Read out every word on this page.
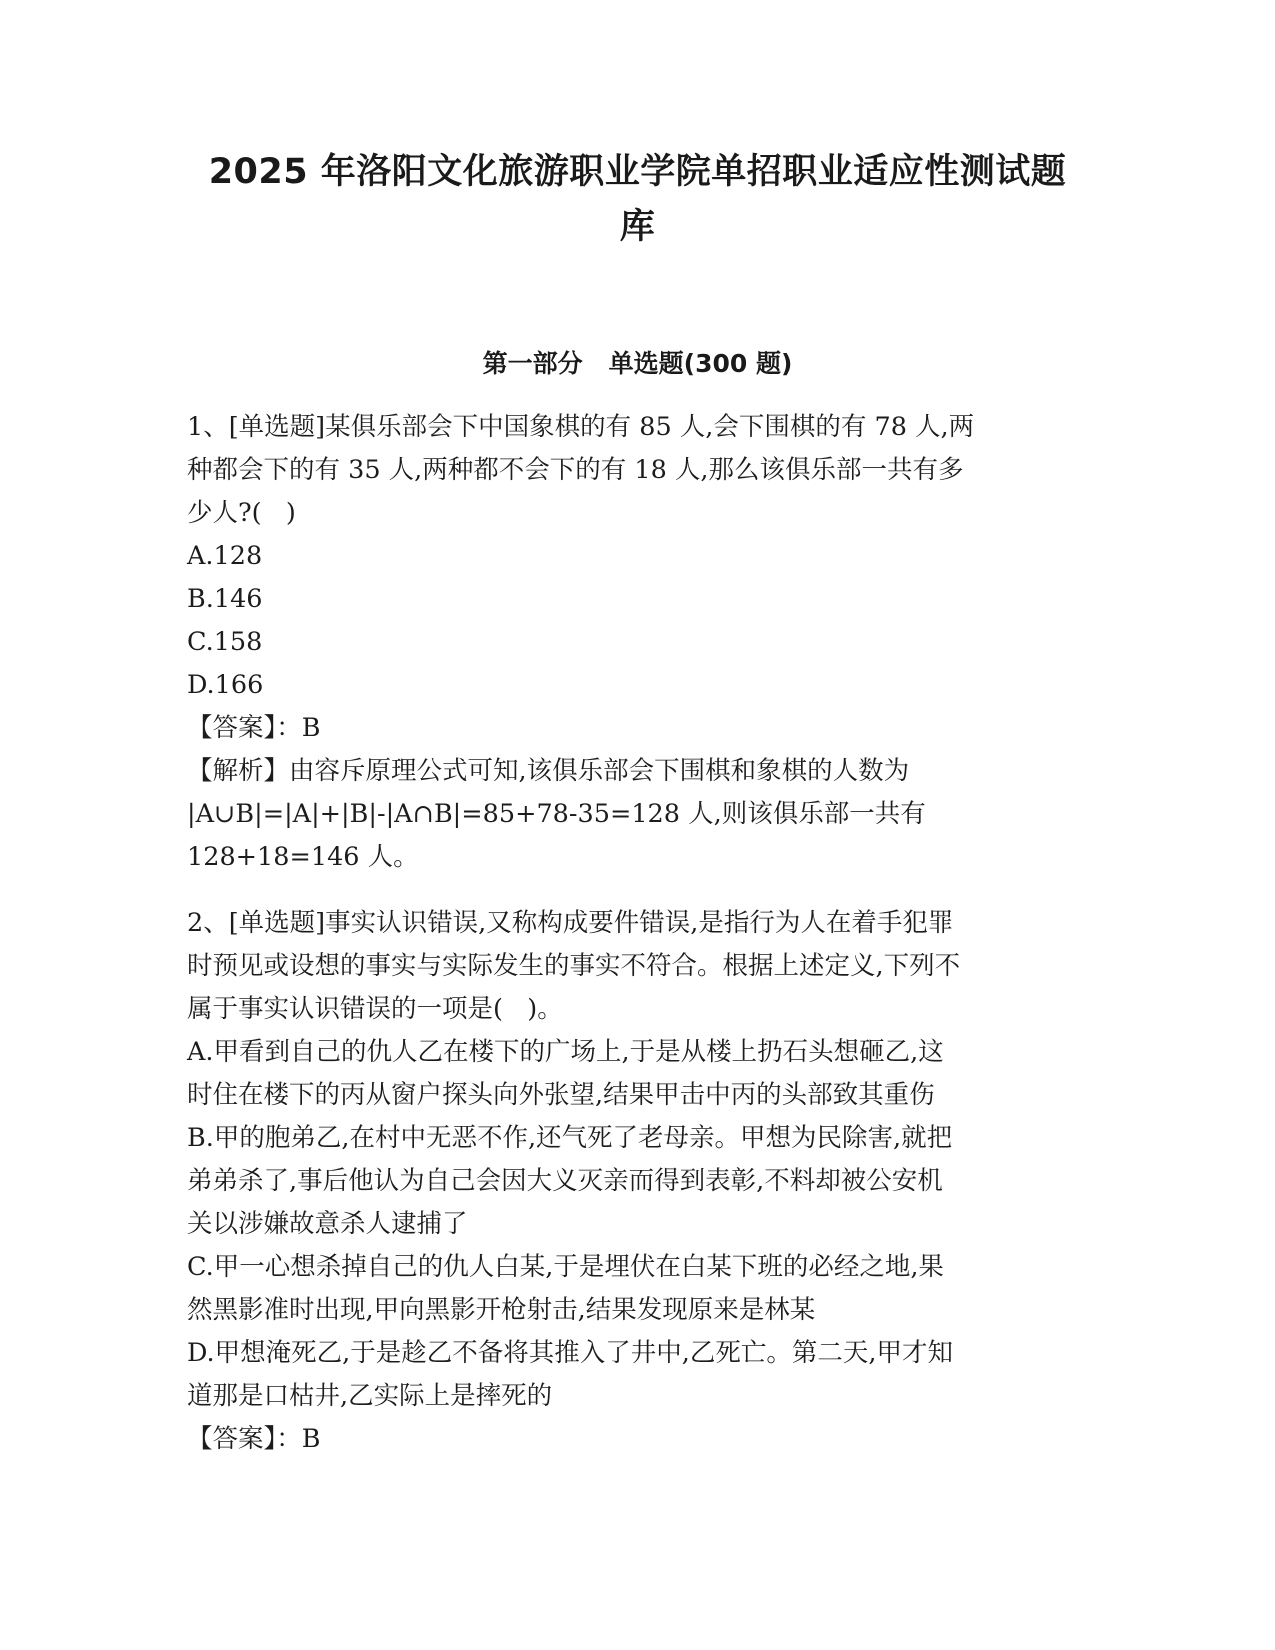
2025 年洛阳文化旅游职业学院单招职业适应性测试题
库
第一部分   单选题(300 题)
1、[单选题]某俱乐部会下中国象棋的有 85 人,会下围棋的有 78 人,两
种都会下的有 35 人,两种都不会下的有 18 人,那么该俱乐部一共有多
少人?(   )
A.128
B.146
C.158
D.166
【答案】：B
【解析】由容斥原理公式可知,该俱乐部会下围棋和象棋的人数为
|A∪B|=|A|+|B|-|A∩B|=85+78-35=128 人,则该俱乐部一共有
128+18=146 人。
2、[单选题]事实认识错误,又称构成要件错误,是指行为人在着手犯罪
时预见或设想的事实与实际发生的事实不符合。根据上述定义,下列不
属于事实认识错误的一项是(   )。
A.甲看到自己的仇人乙在楼下的广场上,于是从楼上扔石头想砸乙,这
时住在楼下的丙从窗户探头向外张望,结果甲击中丙的头部致其重伤
B.甲的胞弟乙,在村中无恶不作,还气死了老母亲。甲想为民除害,就把
弟弟杀了,事后他认为自己会因大义灭亲而得到表彰,不料却被公安机
关以涉嫌故意杀人逮捕了
C.甲一心想杀掉自己的仇人白某,于是埋伏在白某下班的必经之地,果
然黑影准时出现,甲向黑影开枪射击,结果发现原来是林某
D.甲想淹死乙,于是趁乙不备将其推入了井中,乙死亡。第二天,甲才知
道那是口枯井,乙实际上是摔死的
【答案】：B
